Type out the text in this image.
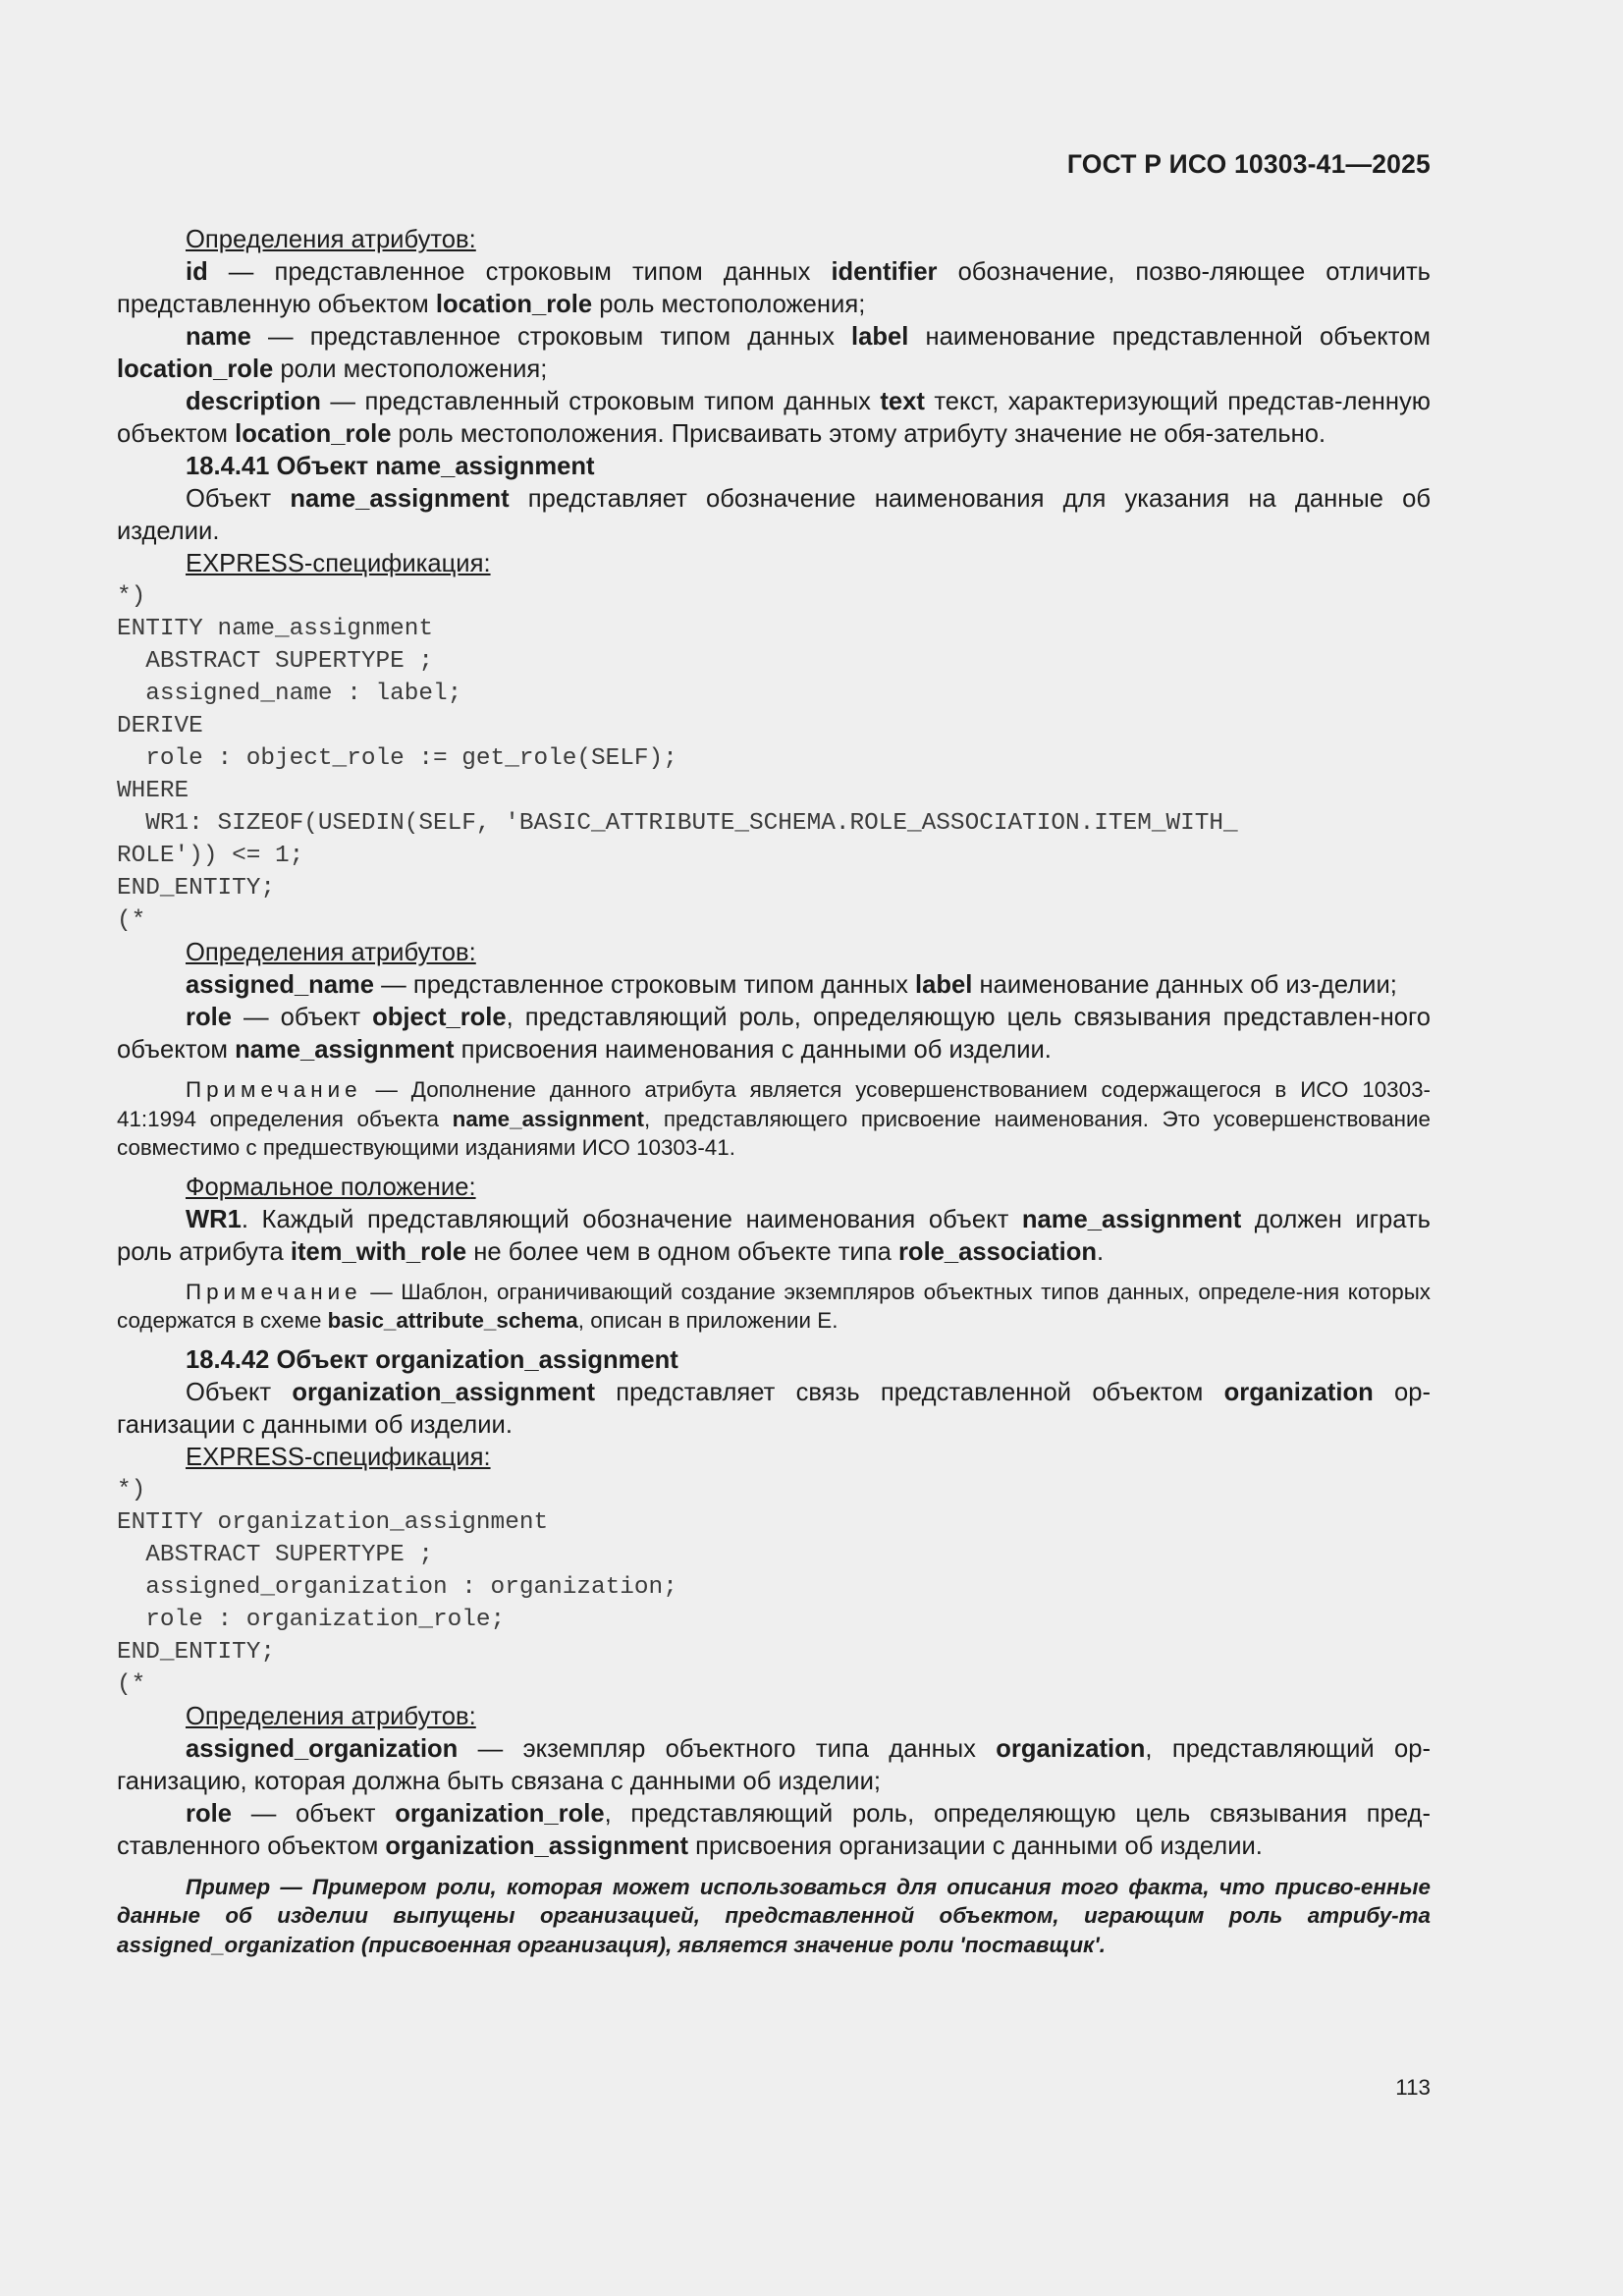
ГОСТ Р ИСО 10303-41—2025

Определения атрибутов:

id — представленное строковым типом данных identifier обозначение, позво-ляющее отличить представленную объектом location_role роль местоположения;

name — представленное строковым типом данных label наименование представленной объектом location_role роли местоположения;

description — представленный строковым типом данных text текст, характеризующий представ-ленную объектом location_role роль местоположения. Присваивать этому атрибуту значение не обя-зательно.

18.4.41 Объект name_assignment

Объект name_assignment представляет обозначение наименования для указания на данные об изделии.

EXPRESS-спецификация:

*)
ENTITY name_assignment
ABSTRACT SUPERTYPE ;
assigned_name : label;
DERIVE
role : object_role := get_role(SELF);
WHERE
WR1: SIZEOF(USEDIN(SELF, 'BASIC_ATTRIBUTE_SCHEMA.ROLE_ASSOCIATION.ITEM_WITH_
ROLE')) <= 1;
END_ENTITY;
(*

Определения атрибутов:

assigned_name — представленное строковым типом данных label наименование данных об из-делии;

role — объект object_role, представляющий роль, определяющую цель связывания представлен-ного объектом name_assignment присвоения наименования с данными об изделии.

Примечание — Дополнение данного атрибута является усовершенствованием содержащегося в ИСО 10303-41:1994 определения объекта name_assignment, представляющего присвоение наименования. Это усовершенствование совместимо с предшествующими изданиями ИСО 10303-41.

Формальное положение:

WR1. Каждый представляющий обозначение наименования объект name_assignment должен играть роль атрибута item_with_role не более чем в одном объекте типа role_association.

Примечание — Шаблон, ограничивающий создание экземпляров объектных типов данных, определе-ния которых содержатся в схеме basic_attribute_schema, описан в приложении Е.

18.4.42 Объект organization_assignment

Объект organization_assignment представляет связь представленной объектом organization ор-ганизации с данными об изделии.

EXPRESS-спецификация:

*)
ENTITY organization_assignment
ABSTRACT SUPERTYPE ;
assigned_organization : organization;
role : organization_role;
END_ENTITY;
(*

Определения атрибутов:

assigned_organization — экземпляр объектного типа данных organization, представляющий ор-ганизацию, которая должна быть связана с данными об изделии;

role — объект organization_role, представляющий роль, определяющую цель связывания пред-ставленного объектом organization_assignment присвоения организации с данными об изделии.

Пример — Примером роли, которая может использоваться для описания того факта, что присво-енные данные об изделии выпущены организацией, представленной объектом, играющим роль атрибу-та assigned_organization (присвоенная организация), является значение роли 'поставщик'.

113
